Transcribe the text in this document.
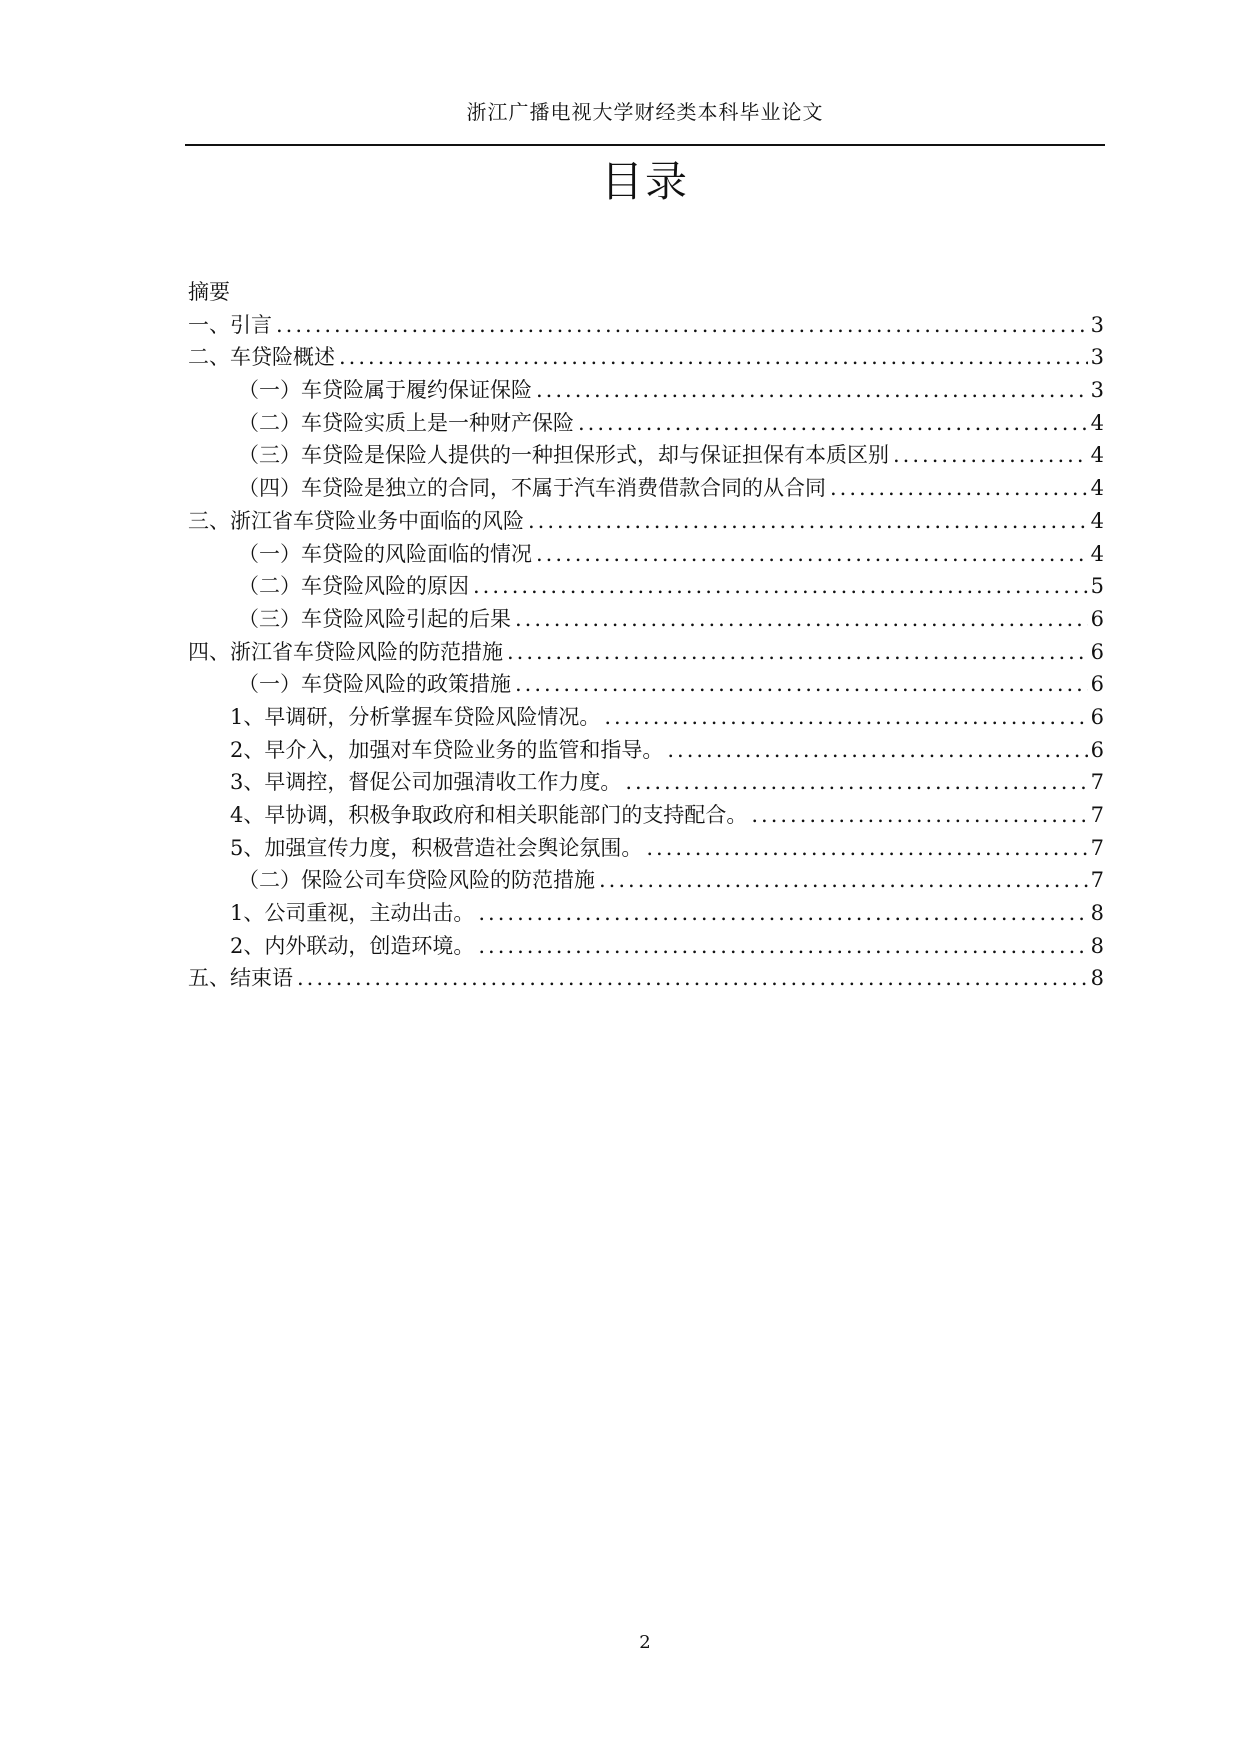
浙江广播电视大学财经类本科毕业论文
目录
摘要
一、引言 .....	3
二、车贷险概述 .....	3
（一）车贷险属于履约保证保险 .....	3
（二）车贷险实质上是一种财产保险 .....	4
（三）车贷险是保险人提供的一种担保形式，却与保证担保有本质区别 .....	4
（四）车贷险是独立的合同，不属于汽车消费借款合同的从合同 .....	4
三、浙江省车贷险业务中面临的风险 .....	4
（一）车贷险的风险面临的情况 .....	4
（二）车贷险风险的原因 .....	5
（三）车贷险风险引起的后果 .....	6
四、浙江省车贷险风险的防范措施 .....	6
（一）车贷险风险的政策措施 .....	6
1、早调研，分析掌握车贷险风险情况。 .....	6
2、早介入，加强对车贷险业务的监管和指导。 .....	6
3、早调控，督促公司加强清收工作力度。 .....	7
4、早协调，积极争取政府和相关职能部门的支持配合。 .....	7
5、加强宣传力度，积极营造社会舆论氛围。 .....	7
（二）保险公司车贷险风险的防范措施 .....	7
1、公司重视，主动出击。 .....	8
2、内外联动，创造环境。 .....	8
五、结束语 .....	8
2
